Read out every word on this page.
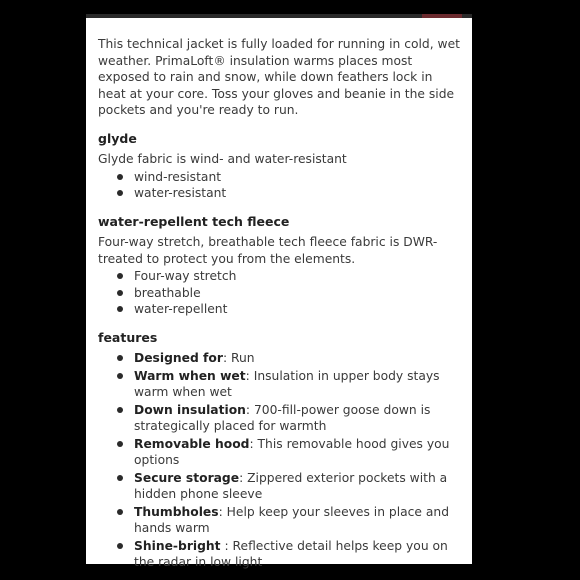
This technical jacket is fully loaded for running in cold, wet weather. PrimaLoft® insulation warms places most exposed to rain and snow, while down feathers lock in heat at your core. Toss your gloves and beanie in the side pockets and you're ready to run.

glyde

Glyde fabric is wind- and water-resistant

wind-resistant
water-resistant
water-repellent tech fleece

Four-way stretch, breathable tech fleece fabric is DWR-treated to protect you from the elements.

Four-way stretch
breathable
water-repellent
features
Designed for: Run
Warm when wet: Insulation in upper body stays warm when wet
Down insulation: 700-fill-power goose down is strategically placed for warmth
Removable hood: This removable hood gives you options
Secure storage: Zippered exterior pockets with a hidden phone sleeve
Thumbholes: Help keep your sleeves in place and hands warm
Shine-bright : Reflective detail helps keep you on the radar in low light
